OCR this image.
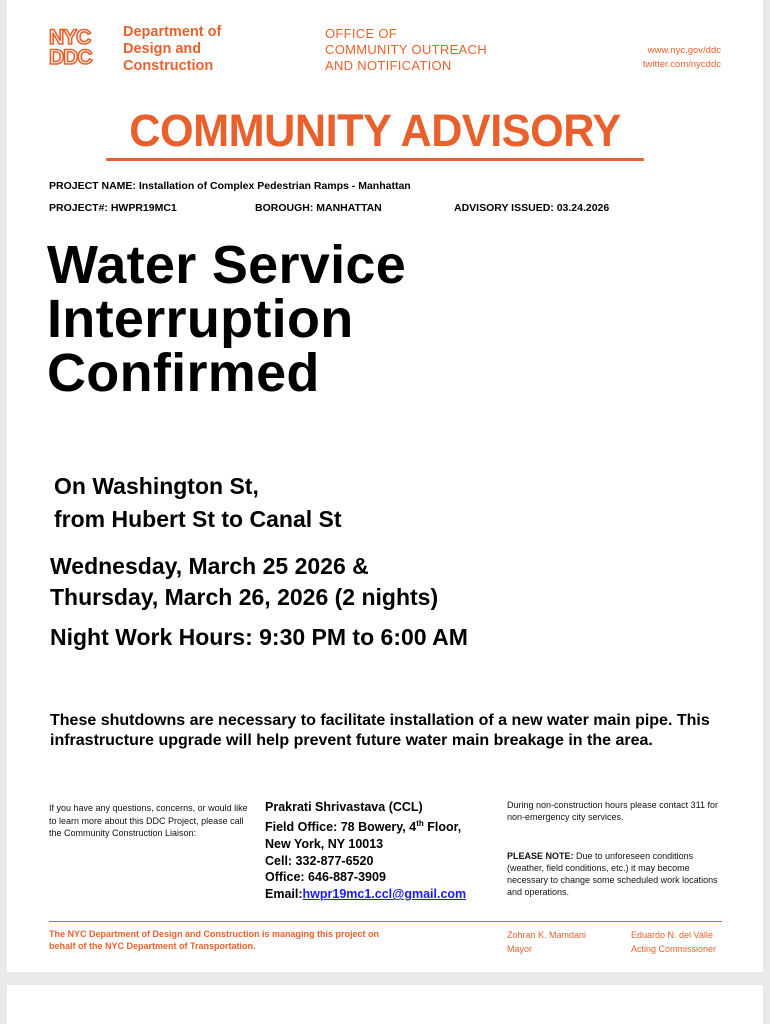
NYC
DDC
Department of
Design and
Construction
OFFICE OF
COMMUNITY OUTREACH
AND NOTIFICATION
www.nyc.gov/ddc
twitter.com/nycddc
COMMUNITY ADVISORY
PROJECT NAME: Installation of Complex Pedestrian Ramps - Manhattan
PROJECT#: HWPR19MC1	BOROUGH: MANHATTAN	ADVISORY ISSUED: 03.24.2026
Water Service
Interruption
Confirmed
On Washington St,
from Hubert St to Canal St
Wednesday, March 25 2026 &
Thursday, March 26, 2026 (2 nights)
Night Work Hours: 9:30 PM to 6:00 AM
These shutdowns are necessary to facilitate installation of a new water main pipe. This infrastructure upgrade will help prevent future water main breakage in the area.
If you have any questions, concerns, or would like to learn more about this DDC Project, please call the Community Construction Liaison:
Prakrati Shrivastava (CCL)
Field Office: 78 Bowery, 4th Floor,
New York, NY 10013
Cell: 332-877-6520
Office: 646-887-3909
Email:hwpr19mc1.ccl@gmail.com
During non-construction hours please contact 311 for non-emergency city services.
PLEASE NOTE: Due to unforeseen conditions (weather, field conditions, etc.) it may become necessary to change some scheduled work locations and operations.
The NYC Department of Design and Construction is managing this project on behalf of the NYC Department of Transportation.
Zohran K. Mamdani
Mayor
Eduardo N. del Valle
Acting Commissioner
